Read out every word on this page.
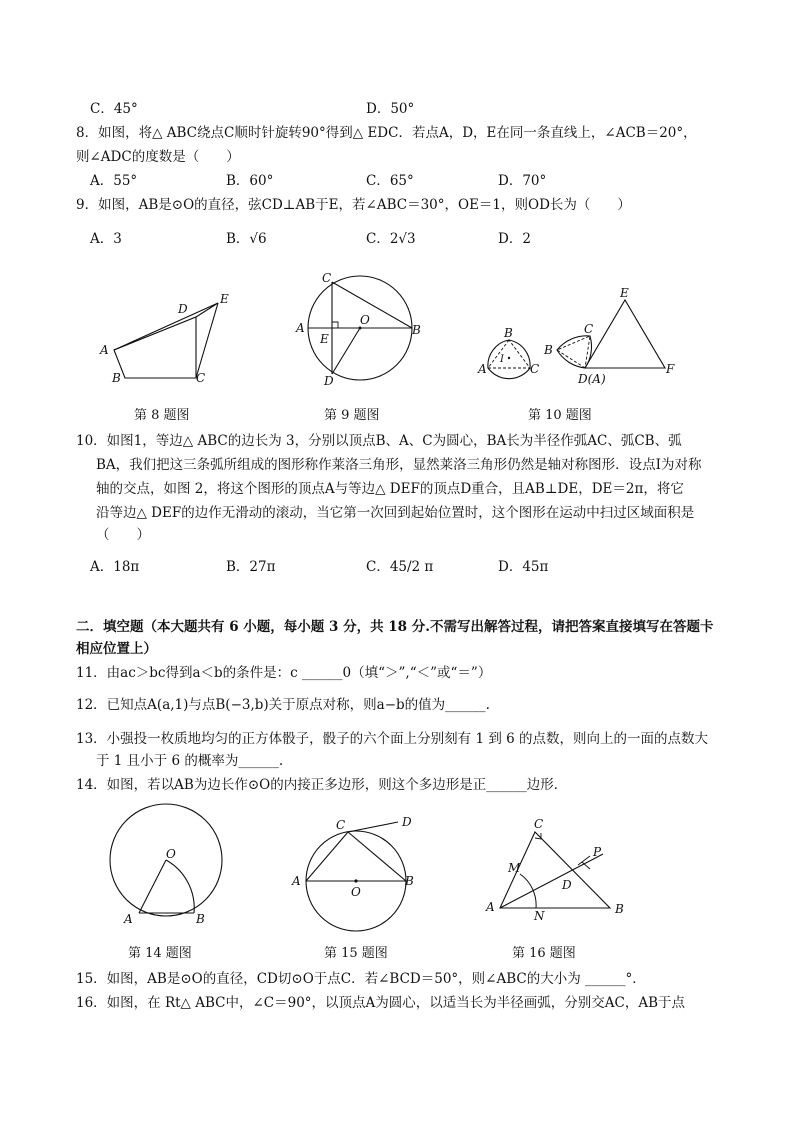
C．45°	D．50°
8．如图，将△ ABC绕点C顺时针旋转90°得到△ EDC．若点A，D，E在同一条直线上，∠ACB＝20°，
则∠ADC的度数是（　　）
A．55°	B．60°	C．65°	D．70°
9．如图，AB是⊙O的直径，弦CD⊥AB于E，若∠ABC＝30°，OE＝1，则OD长为（　　）
A．3	B．√6	C．2√3	D．2
D
E
A
B	C
C
A
O
B
E
D
B
I
A	C
E
C
B
D(A)
F
O
A	B
C	D
A
O
B
C
P
M
D
A
N	B
第 8 题图	第 9 题图	第 10 题图
10．如图1，等边△ ABC的边长为 3，分别以顶点B、A、C为圆心，BA长为半径作弧AC、弧CB、弧
BA，我们把这三条弧所组成的图形称作莱洛三角形，显然莱洛三角形仍然是轴对称图形．设点I为对称
轴的交点，如图 2，将这个图形的顶点A与等边△ DEF的顶点D重合，且AB⊥DE，DE＝2π，将它
沿等边△ DEF的边作无滑动的滚动，当它第一次回到起始位置时，这个图形在运动中扫过区域面积是
（　　）
A．18π	B．27π	C．45/2 π	D．45π
二．填空题（本大题共有 6 小题，每小题 3 分，共 18 分.不需写出解答过程，请把答案直接填写在答题卡
相应位置上）
11．由ac＞bc得到a＜b的条件是：c ______0（填“＞”,“＜”或“＝”）
12．已知点A(a,1)与点B(−3,b)关于原点对称，则a−b的值为______.
13．小强投一枚质地均匀的正方体骰子，骰子的六个面上分别刻有 1 到 6 的点数，则向上的一面的点数大
于 1 且小于 6 的概率为______.
14．如图，若以AB为边长作⊙O的内接正多边形，则这个多边形是正______边形．
第 14 题图	第 15 题图	第 16 题图
15．如图，AB是⊙O的直径，CD切⊙O于点C．若∠BCD＝50°，则∠ABC的大小为 ______°．
16．如图，在 Rt△ ABC中，∠C＝90°，以顶点A为圆心，以适当长为半径画弧，分别交AC，AB于点
